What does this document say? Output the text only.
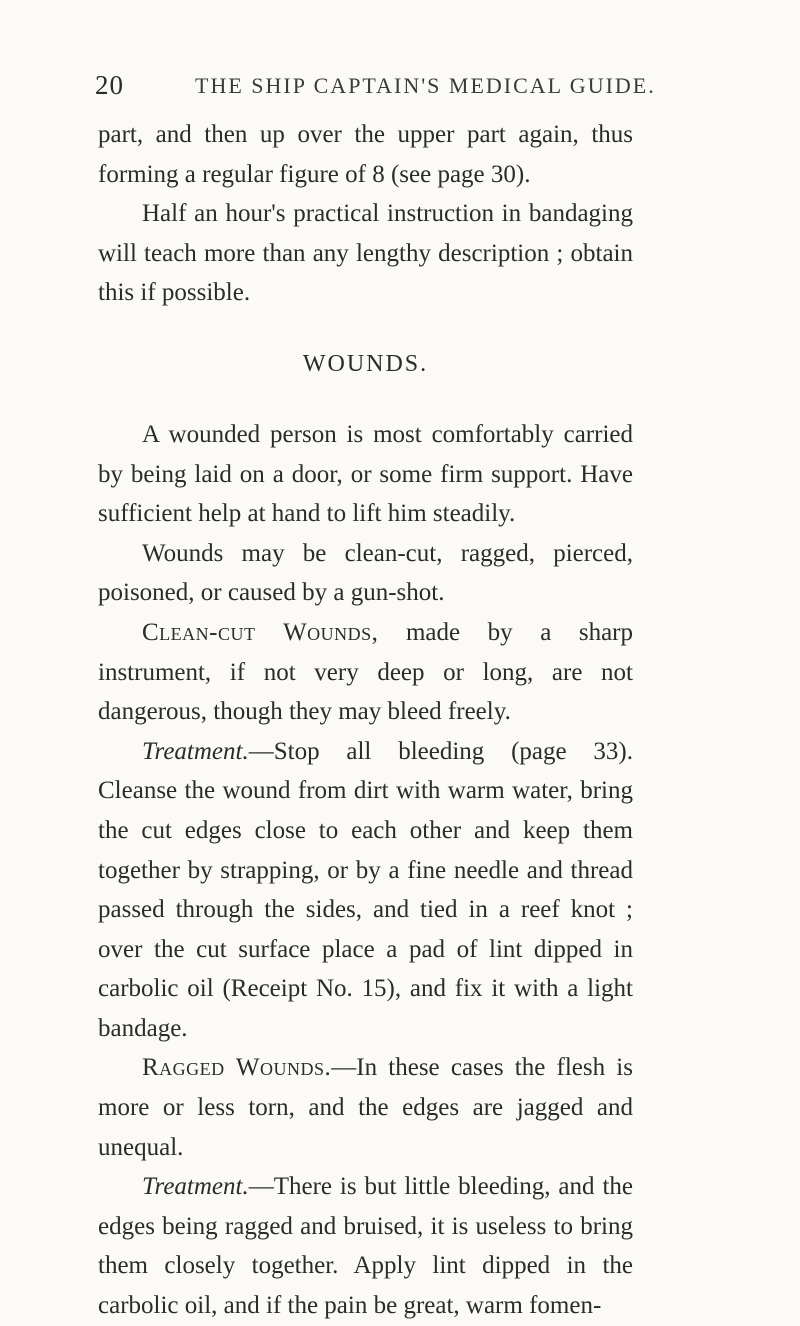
20	THE SHIP CAPTAIN'S MEDICAL GUIDE.

part, and then up over the upper part again, thus forming a regular figure of 8 (see page 30).

Half an hour's practical instruction in bandaging will teach more than any lengthy description ; obtain this if possible.

WOUNDS.

A wounded person is most comfortably carried by being laid on a door, or some firm support. Have sufficient help at hand to lift him steadily.

Wounds may be clean-cut, ragged, pierced, poisoned, or caused by a gun-shot.

Clean-cut Wounds, made by a sharp instrument, if not very deep or long, are not dangerous, though they may bleed freely.

Treatment.—Stop all bleeding (page 33). Cleanse the wound from dirt with warm water, bring the cut edges close to each other and keep them together by strapping, or by a fine needle and thread passed through the sides, and tied in a reef knot ; over the cut surface place a pad of lint dipped in carbolic oil (Receipt No. 15), and fix it with a light bandage.

Ragged Wounds.—In these cases the flesh is more or less torn, and the edges are jagged and unequal.

Treatment.—There is but little bleeding, and the edges being ragged and bruised, it is useless to bring them closely together. Apply lint dipped in the carbolic oil, and if the pain be great, warm fomen-
